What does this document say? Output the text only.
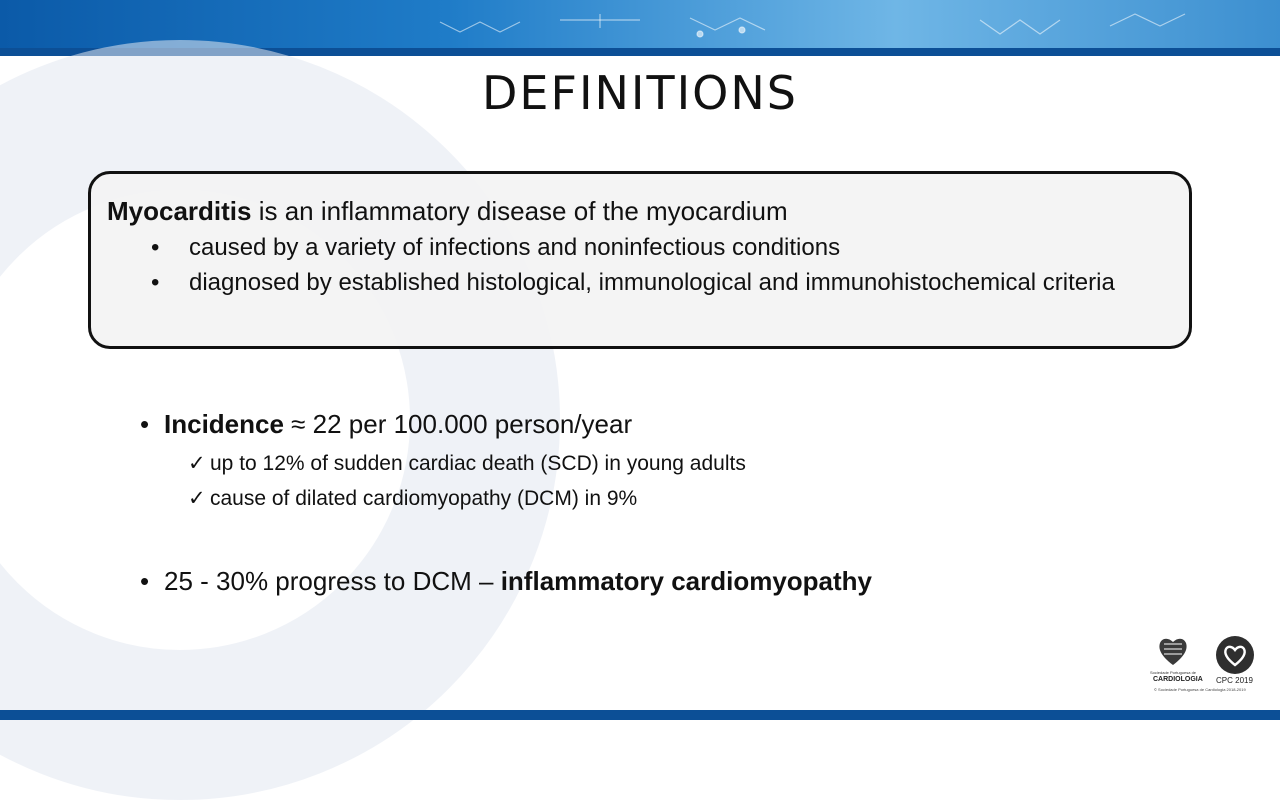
DEFINITIONS
Myocarditis is an inflammatory disease of the myocardium
• caused by a variety of infections and noninfectious conditions
• diagnosed by established histological, immunological and immunohistochemical criteria
• Incidence ≈ 22 per 100.000 person/year
✓ up to 12% of sudden cardiac death (SCD) in young adults
✓ cause of dilated cardiomyopathy (DCM) in 9%
• 25 - 30% progress to DCM – inflammatory cardiomyopathy
Sociedade Portuguesa de
CARDIOLOGIA CPC 2019
© Sociedade Portuguesa de Cardiologia 2018-2019
